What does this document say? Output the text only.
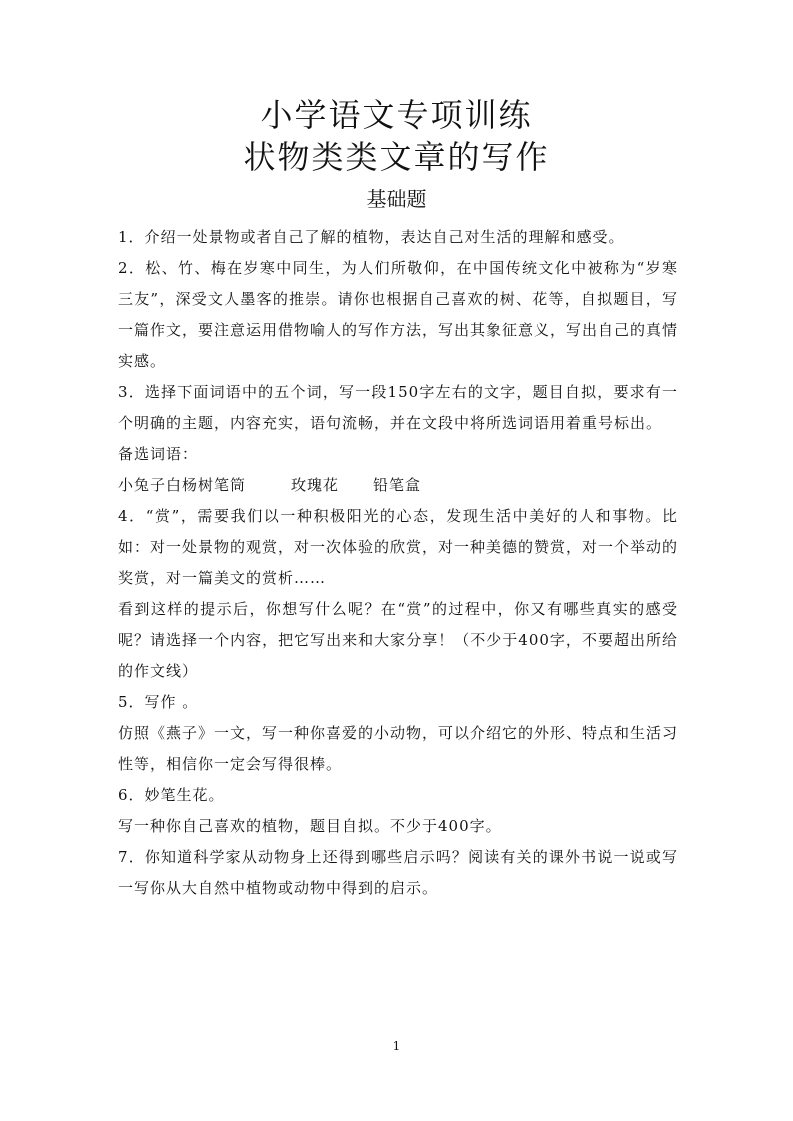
小学语文专项训练
状物类类文章的写作
基础题

1．介绍一处景物或者自己了解的植物，表达自己对生活的理解和感受。

2．松、竹、梅在岁寒中同生，为人们所敬仰，在中国传统文化中被称为“岁寒三友”，深受文人墨客的推崇。请你也根据自己喜欢的树、花等，自拟题目，写一篇作文，要注意运用借物喻人的写作方法，写出其象征意义，写出自己的真情实感。

3．选择下面词语中的五个词，写一段150字左右的文字，题目自拟，要求有一个明确的主题，内容充实，语句流畅，并在文段中将所选词语用着重号标出。

备选词语：

小兔子白杨树笔筒	玫瑰花 铅笔盒

4．“赏”，需要我们以一种积极阳光的心态，发现生活中美好的人和事物。比如：对一处景物的观赏，对一次体验的欣赏，对一种美德的赞赏，对一个举动的奖赏，对一篇美文的赏析……

看到这样的提示后，你想写什么呢？在“赏”的过程中，你又有哪些真实的感受呢？请选择一个内容，把它写出来和大家分享！（不少于400字，不要超出所给的作文线）

5．写作 。

仿照《燕子》一文，写一种你喜爱的小动物，可以介绍它的外形、特点和生活习性等，相信你一定会写得很棒。

6．妙笔生花。

写一种你自己喜欢的植物，题目自拟。不少于400字。

7．你知道科学家从动物身上还得到哪些启示吗？阅读有关的课外书说一说或写一写你从大自然中植物或动物中得到的启示。

1
